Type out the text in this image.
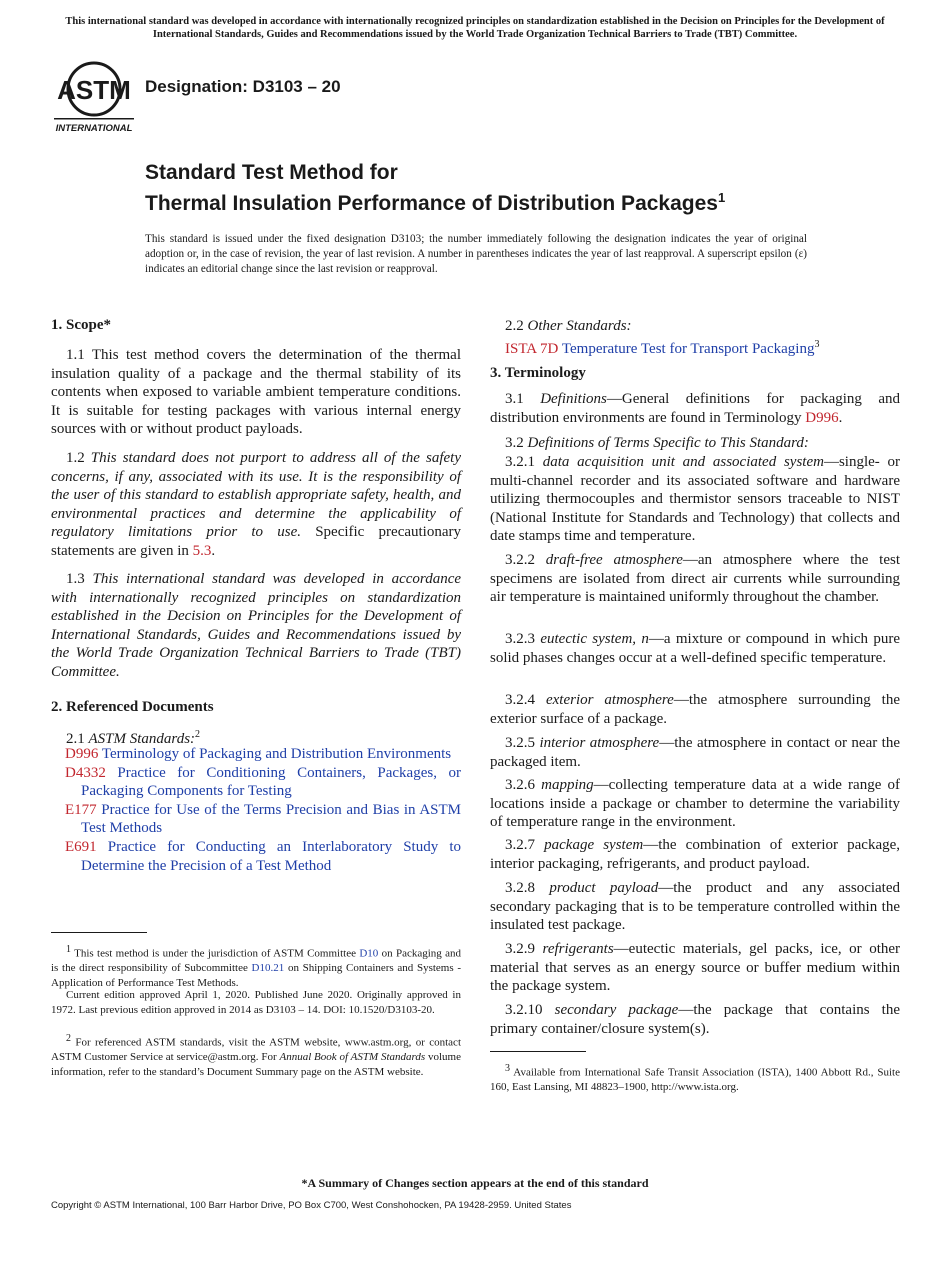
This international standard was developed in accordance with internationally recognized principles on standardization established in the Decision on Principles for the Development of International Standards, Guides and Recommendations issued by the World Trade Organization Technical Barriers to Trade (TBT) Committee.
ASTM
INTERNATIONAL
Designation: D3103 – 20
Standard Test Method for
Thermal Insulation Performance of Distribution Packages$^1$
This standard is issued under the fixed designation D3103; the number immediately following the designation indicates the year of original adoption or, in the case of revision, the year of last revision. A number in parentheses indicates the year of last reapproval. A superscript epsilon (ε) indicates an editorial change since the last revision or reapproval.
1. Scope*
1.1 This test method covers the determination of the thermal insulation quality of a package and the thermal stability of its contents when exposed to variable ambient temperature conditions. It is suitable for testing packages with various internal energy sources with or without product payloads.
1.2 This standard does not purport to address all of the safety concerns, if any, associated with its use. It is the responsibility of the user of this standard to establish appropriate safety, health, and environmental practices and determine the applicability of regulatory limitations prior to use. Specific precautionary statements are given in 5.3.
1.3 This international standard was developed in accordance with internationally recognized principles on standardization established in the Decision on Principles for the Development of International Standards, Guides and Recommendations issued by the World Trade Organization Technical Barriers to Trade (TBT) Committee.
2. Referenced Documents
2.1 ASTM Standards:$^2$
D996 Terminology of Packaging and Distribution Environments
D4332 Practice for Conditioning Containers, Packages, or Packaging Components for Testing
E177 Practice for Use of the Terms Precision and Bias in ASTM Test Methods
E691 Practice for Conducting an Interlaboratory Study to Determine the Precision of a Test Method
$^1$ This test method is under the jurisdiction of ASTM Committee D10 on Packaging and is the direct responsibility of Subcommittee D10.21 on Shipping Containers and Systems - Application of Performance Test Methods.
Current edition approved April 1, 2020. Published June 2020. Originally approved in 1972. Last previous edition approved in 2014 as D3103 – 14. DOI: 10.1520/D3103-20.
$^2$ For referenced ASTM standards, visit the ASTM website, www.astm.org, or contact ASTM Customer Service at service@astm.org. For Annual Book of ASTM Standards volume information, refer to the standard’s Document Summary page on the ASTM website.
2.2 Other Standards:
ISTA 7D Temperature Test for Transport Packaging$^3$
3. Terminology
3.1 Definitions—General definitions for packaging and distribution environments are found in Terminology D996.
3.2 Definitions of Terms Specific to This Standard:
3.2.1 data acquisition unit and associated system—single- or multi-channel recorder and its associated software and hardware utilizing thermocouples and thermistor sensors traceable to NIST (National Institute for Standards and Technology) that collects and date stamps time and temperature.
3.2.2 draft-free atmosphere—an atmosphere where the test specimens are isolated from direct air currents while surrounding air temperature is maintained uniformly throughout the chamber.
3.2.3 eutectic system, n—a mixture or compound in which pure solid phases changes occur at a well-defined specific temperature.
3.2.4 exterior atmosphere—the atmosphere surrounding the exterior surface of a package.
3.2.5 interior atmosphere—the atmosphere in contact or near the packaged item.
3.2.6 mapping—collecting temperature data at a wide range of locations inside a package or chamber to determine the variability of temperature range in the environment.
3.2.7 package system—the combination of exterior package, interior packaging, refrigerants, and product payload.
3.2.8 product payload—the product and any associated secondary packaging that is to be temperature controlled within the insulated test package.
3.2.9 refrigerants—eutectic materials, gel packs, ice, or other material that serves as an energy source or buffer medium within the package system.
3.2.10 secondary package—the package that contains the primary container/closure system(s).
$^3$ Available from International Safe Transit Association (ISTA), 1400 Abbott Rd., Suite 160, East Lansing, MI 48823–1900, http://www.ista.org.
*A Summary of Changes section appears at the end of this standard
Copyright © ASTM International, 100 Barr Harbor Drive, PO Box C700, West Conshohocken, PA 19428-2959. United States
